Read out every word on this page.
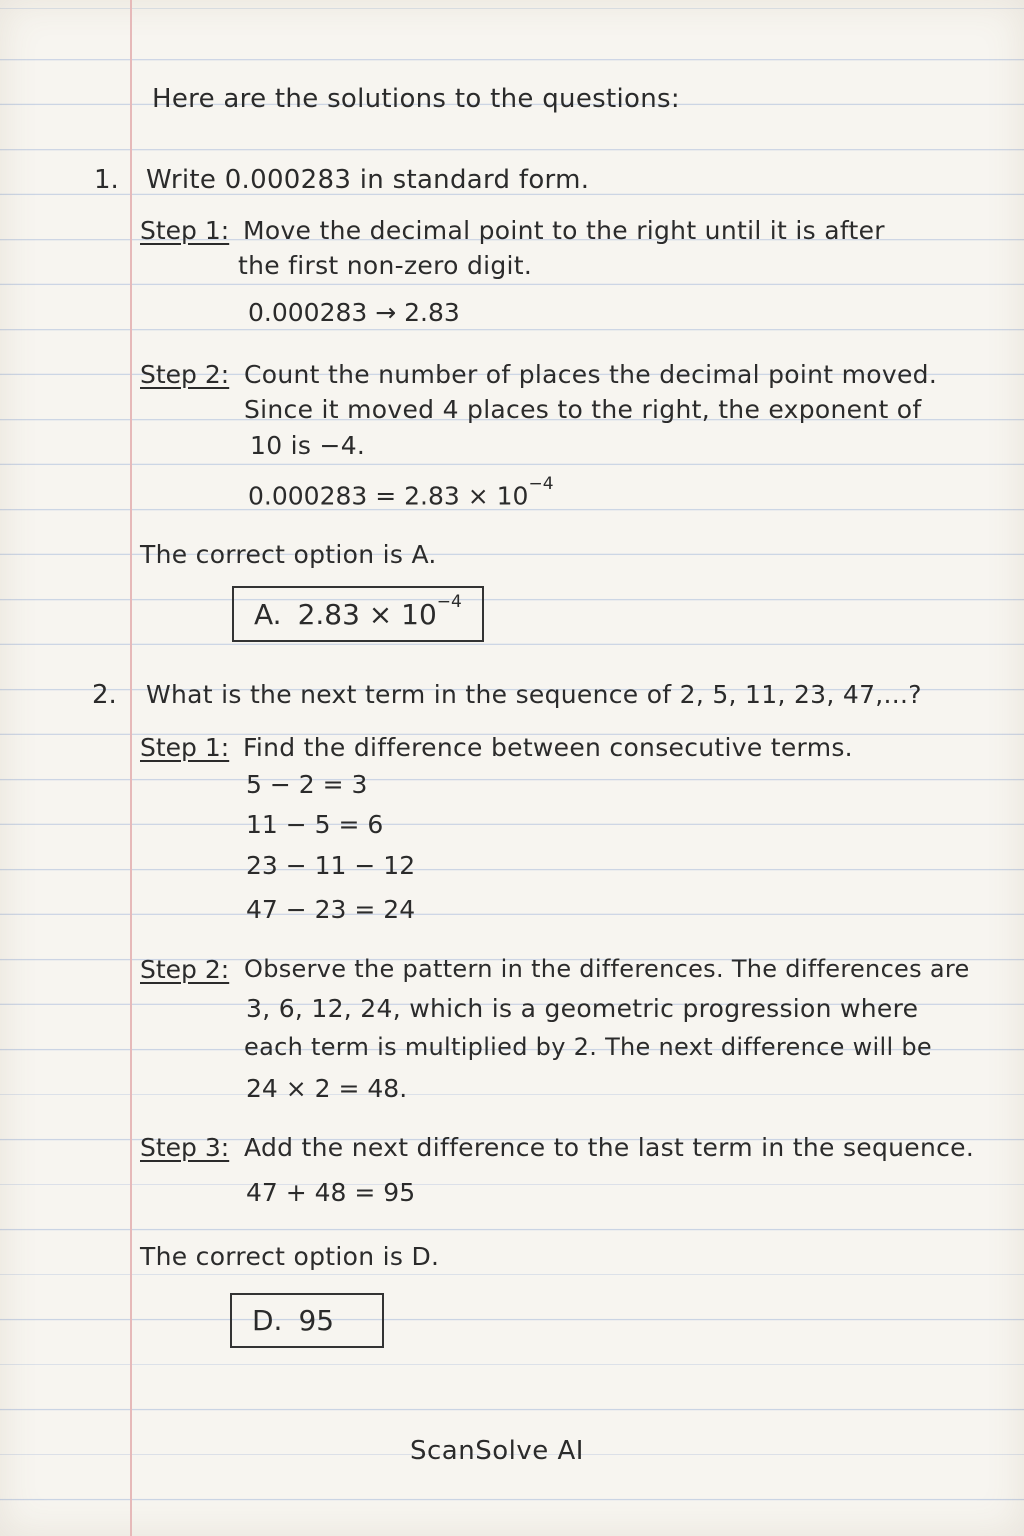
Here are the solutions to the questions:
1. Write 0.000283 in standard form.
Step 1: Move the decimal point to the right until it is after
the first non-zero digit.
0.000283 → 2.83
Step 2: Count the number of places the decimal point moved.
Since it moved 4 places to the right, the exponent of
10 is −4.
$0.000283 = 2.83 \times 10^{-4}$
The correct option is A.
A. $2.83 \times 10^{-4}$
2. What is the next term in the sequence of 2, 5, 11, 23, 47,...?
Step 1: Find the difference between consecutive terms.
5 − 2 = 3
11 − 5 = 6
23 − 11 − 12
47 − 23 = 24
Step 2: Observe the pattern in the differences. The differences are
3, 6, 12, 24, which is a geometric progression where
each term is multiplied by 2. The next difference will be
24 × 2 = 48.
Step 3: Add the next difference to the last term in the sequence.
47 + 48 = 95
The correct option is D.
D. 95
ScanSolve AI
